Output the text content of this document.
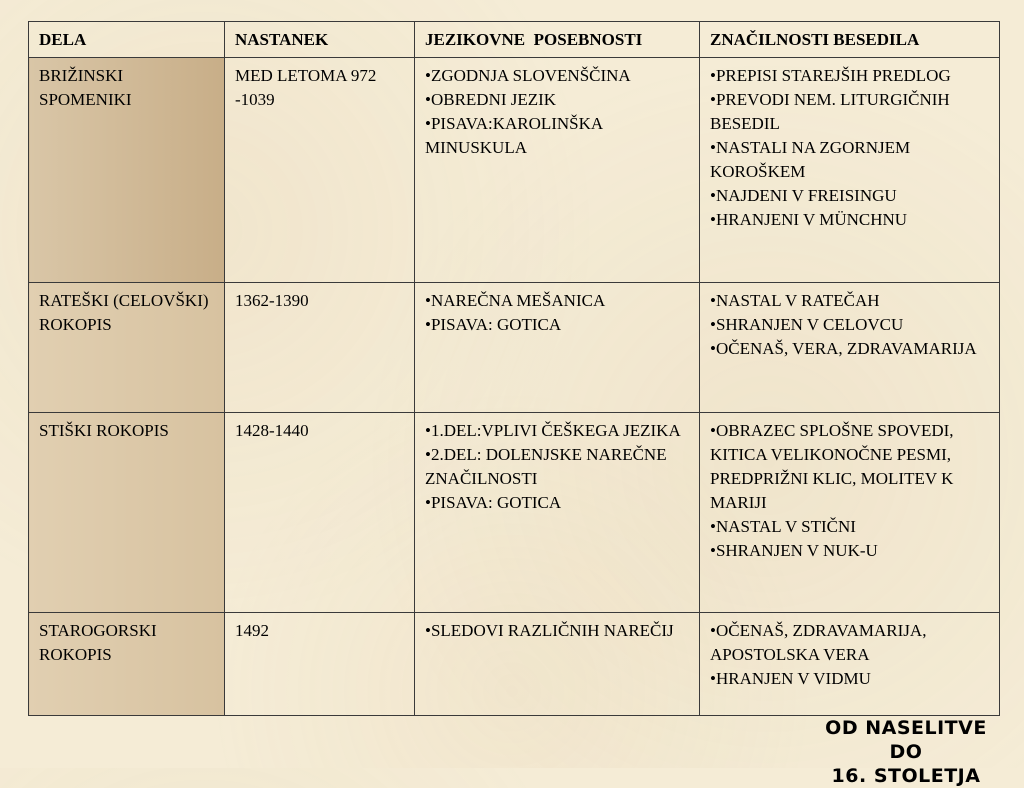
DELA	NASTANEK	JEZIKOVNE  POSEBNOSTI	ZNAČILNOSTI BESEDILA
BRIŽINSKI SPOMENIKI	MED LETOMA 972 -1039	• ZGODNJA SLOVENŠČINA
• OBREDNI JEZIK
• PISAVA:KAROLINŠKA MINUSKULA	• PREPISI STAREJŠIH PREDLOG
• PREVODI NEM. LITURGIČNIH BESEDIL
• NASTALI NA ZGORNJEM KOROŠKEM
• NAJDENI V FREISINGU
• HRANJENI V MÜNCHNU

RATEŠKI (CELOVŠKI) ROKOPIS	1362-1390	• NAREČNA MEŠANICA
• PISAVA: GOTICA	• NASTAL V RATEČAH
• SHRANJEN V CELOVCU
• OČENAŠ, VERA, ZDRAVAMARIJA

STIŠKI ROKOPIS	1428-1440	• 1.DEL:VPLIVI ČEŠKEGA JEZIKA
• 2.DEL: DOLENJSKE NAREČNE ZNAČILNOSTI
• PISAVA: GOTICA	• OBRAZEC SPLOŠNE SPOVEDI, KITICA VELIKONOČNE PESMI, PREDPRIŽNI KLIC, MOLITEV K MARIJI
• NASTAL V STIČNI
• SHRANJEN V NUK-U

STAROGORSKI ROKOPIS	1492	• SLEDOVI RAZLIČNIH NAREČIJ	• OČENAŠ, ZDRAVAMARIJA, APOSTOLSKA VERA
• HRANJEN V VIDMU
OD NASELITVE DO
16. STOLETJA
